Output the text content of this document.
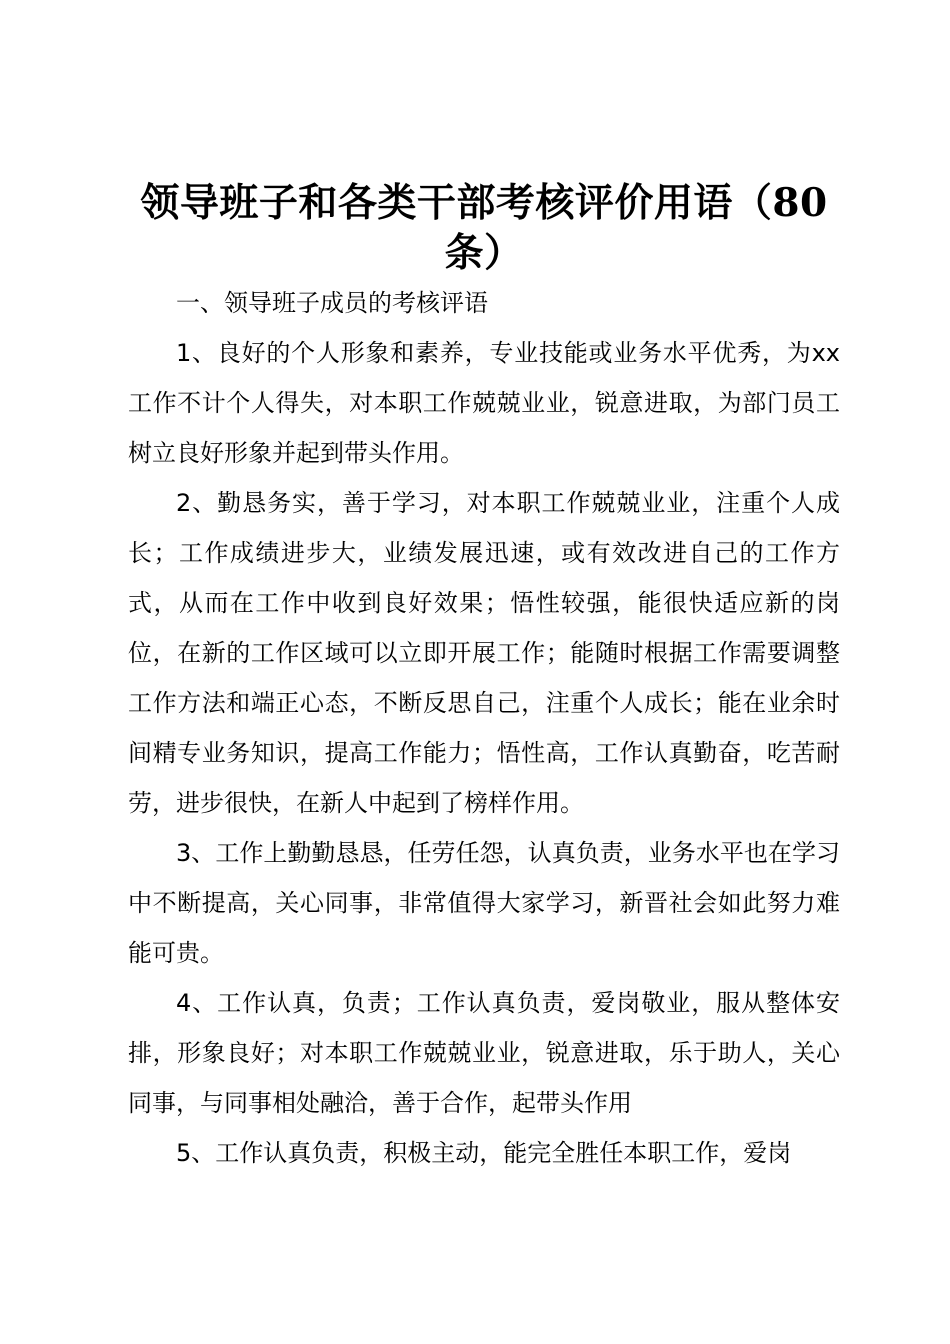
领导班子和各类干部考核评价用语（80条）

一、领导班子成员的考核评语

1、良好的个人形象和素养，专业技能或业务水平优秀，为xx工作不计个人得失，对本职工作兢兢业业，锐意进取，为部门员工树立良好形象并起到带头作用。

2、勤恳务实，善于学习，对本职工作兢兢业业，注重个人成长；工作成绩进步大，业绩发展迅速，或有效改进自己的工作方式，从而在工作中收到良好效果；悟性较强，能很快适应新的岗位，在新的工作区域可以立即开展工作；能随时根据工作需要调整工作方法和端正心态，不断反思自己，注重个人成长；能在业余时间精专业务知识，提高工作能力；悟性高，工作认真勤奋，吃苦耐劳，进步很快，在新人中起到了榜样作用。

3、工作上勤勤恳恳，任劳任怨，认真负责，业务水平也在学习中不断提高，关心同事，非常值得大家学习，新晋社会如此努力难能可贵。

4、工作认真，负责；工作认真负责，爱岗敬业，服从整体安排，形象良好；对本职工作兢兢业业，锐意进取，乐于助人，关心同事，与同事相处融洽，善于合作，起带头作用

5、工作认真负责，积极主动，能完全胜任本职工作，爱岗
